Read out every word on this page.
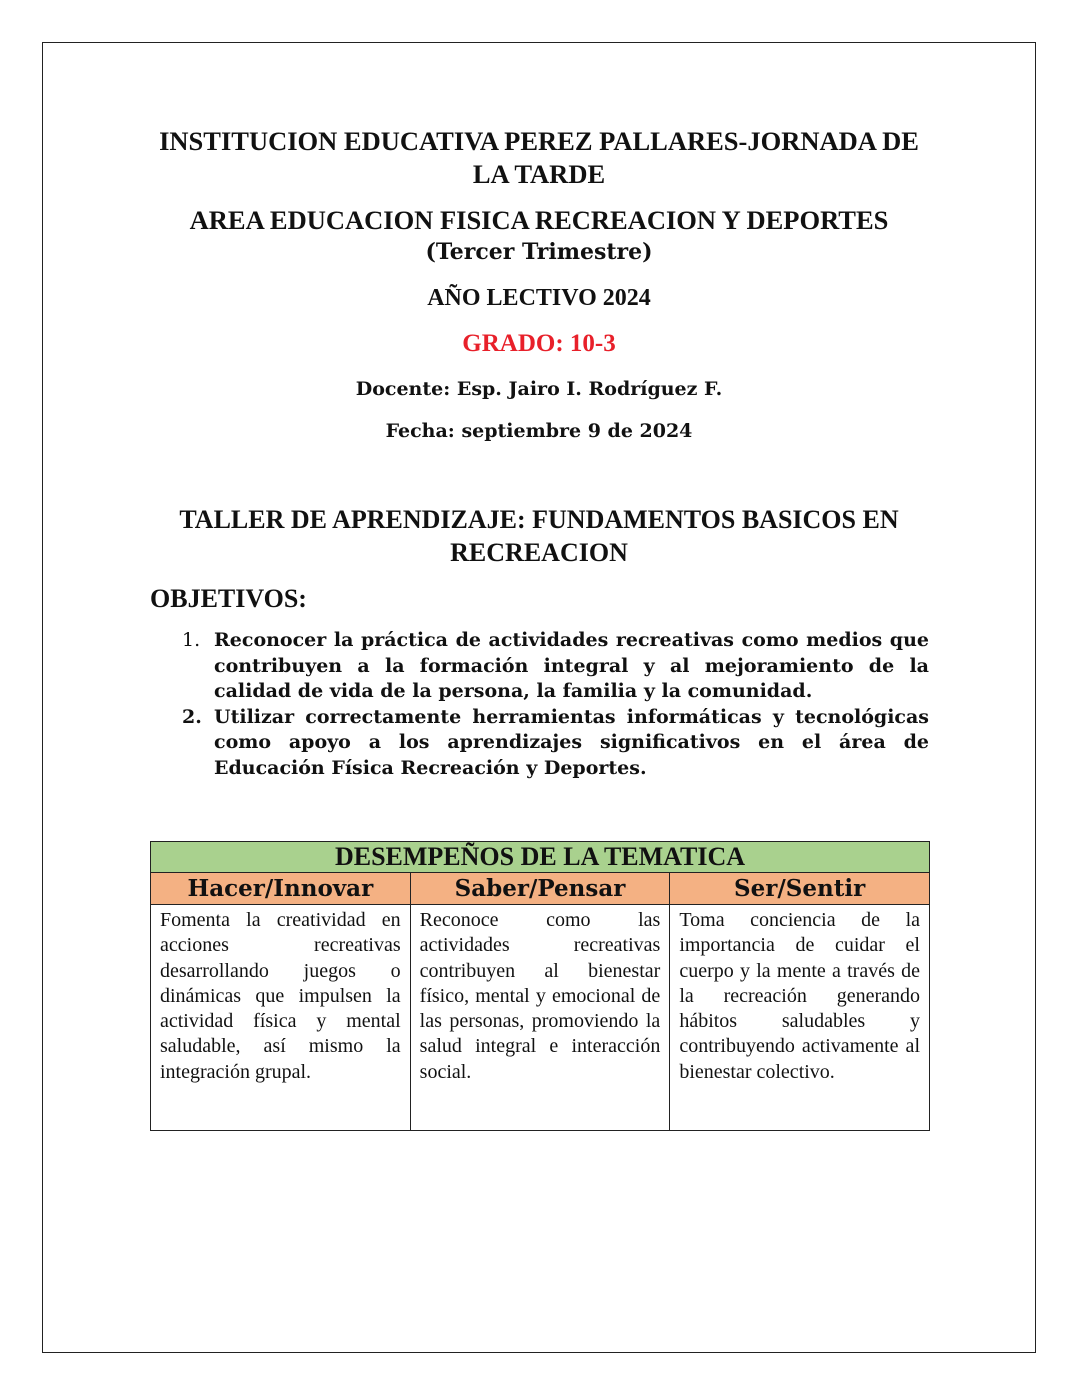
INSTITUCION EDUCATIVA PEREZ PALLARES-JORNADA DE LA TARDE
AREA EDUCACION FISICA RECREACION Y DEPORTES
(Tercer Trimestre)
AÑO LECTIVO 2024
GRADO: 10-3
Docente: Esp. Jairo I. Rodríguez F.
Fecha: septiembre 9 de 2024
TALLER DE APRENDIZAJE: FUNDAMENTOS BASICOS EN RECREACION
OBJETIVOS:
1. Reconocer la práctica de actividades recreativas como medios que contribuyen a la formación integral y al mejoramiento de la calidad de vida de la persona, la familia y la comunidad.
2. Utilizar correctamente herramientas informáticas y tecnológicas como apoyo a los aprendizajes significativos en el área de Educación Física Recreación y Deportes.
DESEMPEÑOS DE LA TEMATICA		
Hacer/Innovar	Saber/Pensar	Ser/Sentir
Fomenta la creatividad en acciones recreativas desarrollando juegos o dinámicas que impulsen la actividad física y mental saludable, así mismo la integración grupal.	Reconoce como las actividades recreativas contribuyen al bienestar físico, mental y emocional de las personas, promoviendo la salud integral e interacción social.	Toma conciencia de la importancia de cuidar el cuerpo y la mente a través de la recreación generando hábitos saludables y contribuyendo activamente al bienestar colectivo.
